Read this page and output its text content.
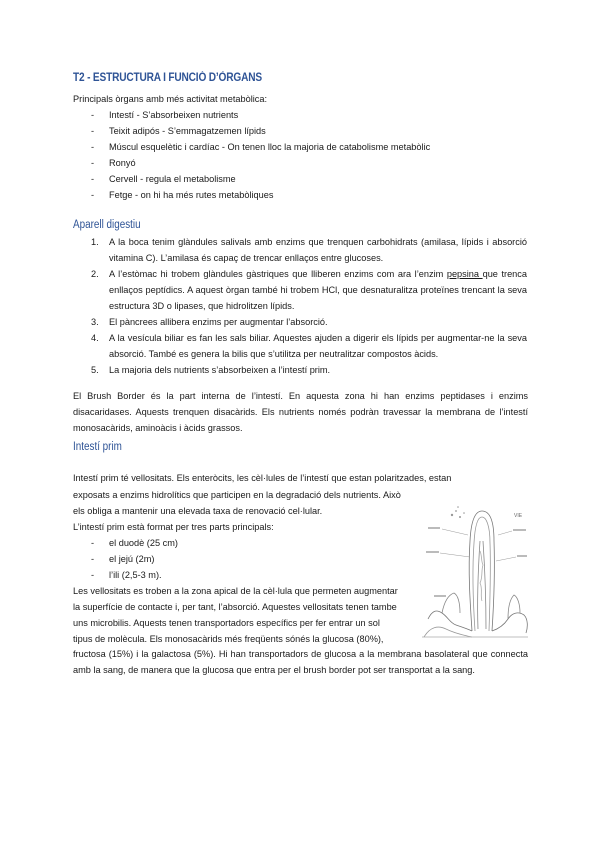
T2 - ESTRUCTURA I FUNCIÓ D’ÒRGANS
Principals òrgans amb més activitat metabòlica:
- Intestí - S’absorbeixen nutrients
- Teixit adipós - S’emmagatzemen lípids
- Múscul esquelètic i cardíac - On tenen lloc la majoria de catabolisme metabòlic
- Ronyó
- Cervell - regula el metabolisme
- Fetge - on hi ha més rutes metabòliques
Aparell digestiu
1. A la boca tenim glàndules salivals amb enzims que trenquen carbohidrats (amilasa, lípids i absorció vitamina C). L’amilasa és capaç de trencar enllaços entre glucoses.
2. A l’estòmac hi trobem glàndules gàstriques que lliberen enzims com ara l’enzim pepsina que trenca enllaços peptídics. A aquest òrgan també hi trobem HCl, que desnaturalitza proteïnes trencant la seva estructura 3D o lipases, que hidrolitzen lípids.
3. El pàncrees allibera enzims per augmentar l’absorció.
4. A la vesícula biliar es fan les sals biliar. Aquestes ajuden a digerir els lípids per augmentar-ne la seva absorció. També es genera la bilis que s’utilitza per neutralitzar compostos àcids.
5. La majoria dels nutrients s’absorbeixen a l’intestí prim.
El Brush Border és la part interna de l’intestí. En aquesta zona hi han enzims peptidases i enzims disacaridases. Aquests trenquen disacàrids. Els nutrients només podràn travessar la membrana de l’intestí monosacàrids, aminoàcis i àcids grassos.
Intestí prim
Intestí prim té vellositats. Els enteròcits, les cèl·lules de l’intestí que estan polaritzades, estan
exposats a enzims hidrolítics que participen en la degradació dels nutrients. Això
els obliga a mantenir una elevada taxa de renovació cel·lular.
L’intestí prim està format per tres parts principals:
- el duodè (25 cm)
- el jejú (2m)
- l’ili (2,5-3 m).
Les vellositats es troben a la zona apical de la cèl·lula que permeten augmentar
la superfície de contacte i, per tant, l’absorció. Aquestes vellositats tenen tambe
uns microbilis. Aquests tenen transportadors específics per fer entrar un sol
tipus de molècula. Els monosacàrids més freqüents sónés la glucosa (80%),
fructosa (15%) i la galactosa (5%). Hi han transportadors de glucosa a la membrana basolateral que connecta amb la sang, de manera que la glucosa que entra per el brush border pot ser transportat a la sang.
VIE
